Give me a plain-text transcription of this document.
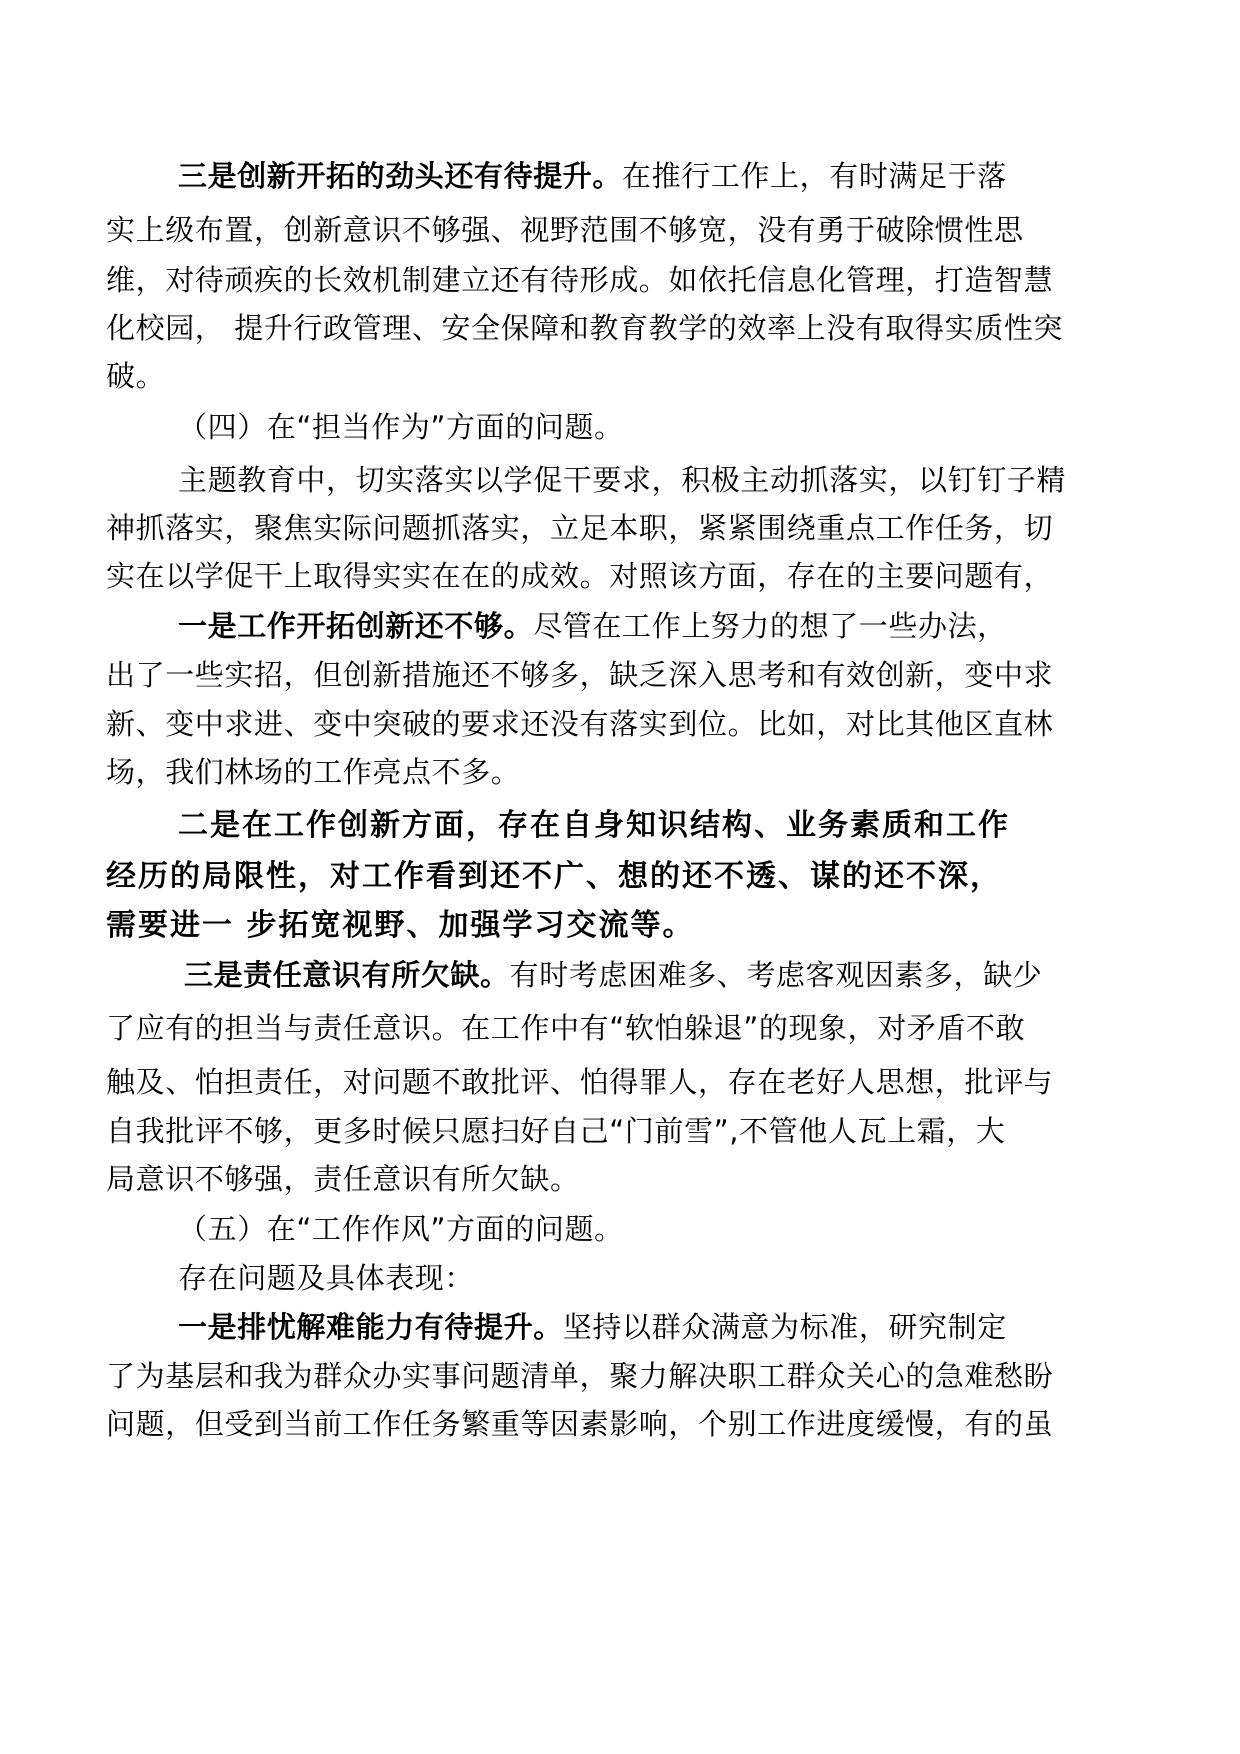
三是创新开拓的劲头还有待提升。在推行工作上，有时满足于落
实上级布置，创新意识不够强、视野范围不够宽，没有勇于破除惯性思
维，对待顽疾的长效机制建立还有待形成。如依托信息化管理，打造智慧
化校园， 提升行政管理、安全保障和教育教学的效率上没有取得实质性突
破。
（四）在“担当作为”方面的问题。
主题教育中，切实落实以学促干要求，积极主动抓落实，以钉钉子精
神抓落实，聚焦实际问题抓落实，立足本职，紧紧围绕重点工作任务，切
实在以学促干上取得实实在在的成效。对照该方面，存在的主要问题有，
一是工作开拓创新还不够。尽管在工作上努力的想了一些办法，
出了一些实招，但创新措施还不够多，缺乏深入思考和有效创新，变中求
新、变中求进、变中突破的要求还没有落实到位。比如，对比其他区直林
场，我们林场的工作亮点不多。
二是在工作创新方面，存在自身知识结构、业务素质和工作
经历的局限性，对工作看到还不广、想的还不透、谋的还不深，
需要进一 步拓宽视野、加强学习交流等。
三是责任意识有所欠缺。有时考虑困难多、考虑客观因素多，缺少
了应有的担当与责任意识。在工作中有“软怕躲退”的现象，对矛盾不敢
触及、怕担责任，对问题不敢批评、怕得罪人，存在老好人思想，批评与
自我批评不够，更多时候只愿扫好自己“门前雪”,不管他人瓦上霜，大
局意识不够强，责任意识有所欠缺。
（五）在“工作作风”方面的问题。
存在问题及具体表现：
一是排忧解难能力有待提升。坚持以群众满意为标准，研究制定
了为基层和我为群众办实事问题清单，聚力解决职工群众关心的急难愁盼
问题，但受到当前工作任务繁重等因素影响，个别工作进度缓慢，有的虽
